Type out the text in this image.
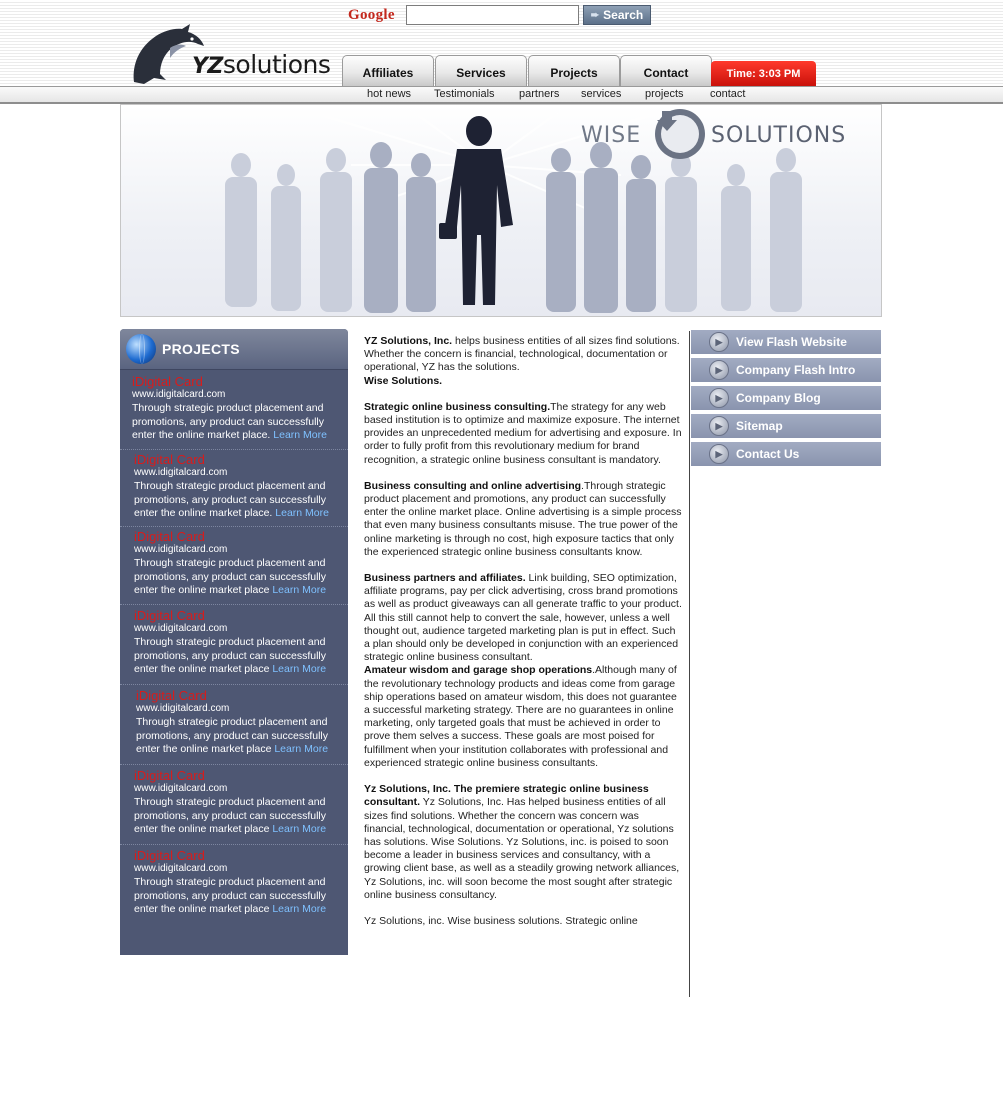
YZsolutions
Google	➨ Search
Affiliates	Services	Projects	Contact	Time: 3:03 PM
hot news Testimonials partners services projects contact
WISE	SOLUTIONS
PROJECTS
iDigital Card
www.idigitalcard.com
Through strategic product placement and promotions, any product can successfully enter the online market place. Learn More
iDigital Card
www.idigitalcard.com
Through strategic product placement and promotions, any product can successfully enter the online market place. Learn More
iDigital Card
www.idigitalcard.com
Through strategic product placement and promotions, any product can successfully enter the online market place Learn More
iDigital Card
www.idigitalcard.com
Through strategic product placement and promotions, any product can successfully enter the online market place Learn More
iDigital Card
www.idigitalcard.com
Through strategic product placement and promotions, any product can successfully enter the online market place Learn More
iDigital Card
www.idigitalcard.com
Through strategic product placement and promotions, any product can successfully enter the online market place Learn More
iDigital Card
www.idigitalcard.com
Through strategic product placement and promotions, any product can successfully enter the online market place Learn More

YZ Solutions, Inc. helps business entities of all sizes find solutions. Whether the concern is financial, technological, documentation or operational, YZ has the solutions.
Wise Solutions.

Strategic online business consulting.The strategy for any web based institution is to optimize and maximize exposure. The internet provides an unprecedented medium for advertising and exposure. In order to fully profit from this revolutionary medium for brand recognition, a strategic online business consultant is mandatory.

Business consulting and online advertising.Through strategic product placement and promotions, any product can successfully enter the online market place. Online advertising is a simple process that even many business consultants misuse. The true power of the online marketing is through no cost, high exposure tactics that only the experienced strategic online business consultants know.

Business partners and affiliates. Link building, SEO optimization, affiliate programs, pay per click advertising, cross brand promotions as well as product giveaways can all generate traffic to your product. All this still cannot help to convert the sale, however, unless a well thought out, audience targeted marketing plan is put in effect. Such a plan should only be developed in conjunction with an experienced strategic online business consultant.

Amateur wisdom and garage shop operations.Although many of the revolutionary technology products and ideas come from garage ship operations based on amateur wisdom, this does not guarantee a successful marketing strategy. There are no guarantees in online marketing, only targeted goals that must be achieved in order to prove them selves a success. These goals are most poised for fulfillment when your institution collaborates with professional and experienced strategic online business consultants.

Yz Solutions, Inc. The premiere strategic online business consultant. Yz Solutions, Inc. Has helped business entities of all sizes find solutions. Whether the concern was concern was financial, technological, documentation or operational, Yz solutions has solutions. Wise Solutions. Yz Solutions, inc. is poised to soon become a leader in business services and consultancy, with a growing client base, as well as a steadily growing network alliances, Yz Solutions, inc. will soon become the most sought after strategic online business consultancy.

Yz Solutions, inc. Wise business solutions. Strategic online

▶	View Flash Website
▶	Company Flash Intro
▶	Company Blog
▶	Sitemap
▶	Contact Us
